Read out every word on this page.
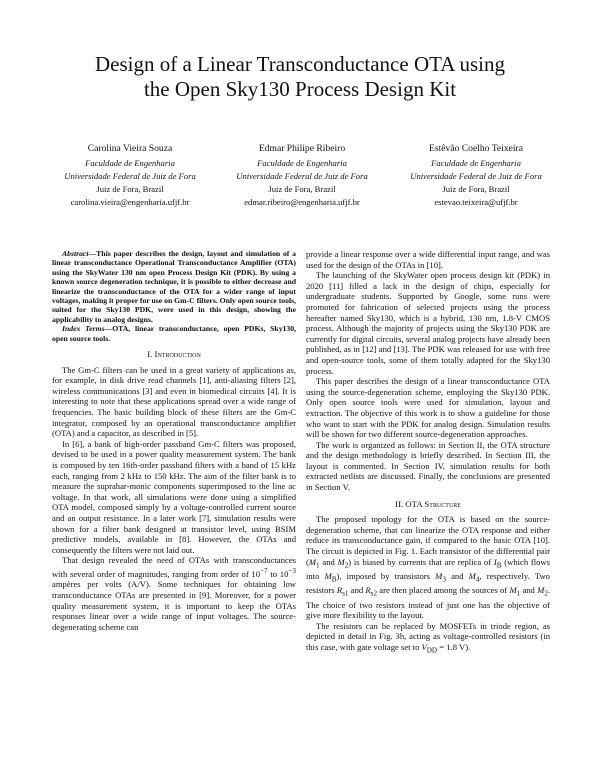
Design of a Linear Transconductance OTA using
the Open Sky130 Process Design Kit
Carolina Vieira Souza
Faculdade de Engenharia
Universidade Federal de Juiz de Fora
Juiz de Fora, Brazil
carolina.vieira@engenharia.ufjf.br
Edmar Philipe Ribeiro
Faculdade de Engenharia
Universidade Federal de Juiz de Fora
Juiz de Fora, Brazil
edmar.ribeiro@engenharia.ufjf.br
Estêvão Coelho Teixeira
Faculdade de Engenharia
Universidade Federal de Juiz de Fora
Juiz de Fora, Brazil
estevao.teixeira@ufjf.br

Abstract—This paper describes the design, layout and simulation of a linear transconductance Operational Transconductance Amplifier (OTA) using the SkyWater 130 nm open Process Design Kit (PDK). By using a known source degeneration technique, it is possible to either decrease and linearize the transconductance of the OTA for a wider range of input voltages, making it proper for use on Gm-C filters. Only open source tools, suited for the Sky130 PDK, were used in this design, showing the applicability to analog designs.

Index Terms—OTA, linear transconductance, open PDKs, Sky130, open source tools.

I. Introduction

The Gm-C filters can be used in a great variety of applications as, for example, in disk drive read channels [1], anti-aliasing filters [2], wireless communications [3] and even in biomedical circuits [4]. It is interesting to note that these applications spread over a wide range of frequencies. The basic building block of these filters are the Gm-C integrator, composed by an operational transconductance amplifier (OTA) and a capacitor, as described in [5].

In [6], a bank of high-order passband Gm-C filters was proposed, devised to be used in a power quality measurement system. The bank is composed by ten 16th-order passband filters with a band of 15 kHz each, ranging from 2 kHz to 150 kHz. The aim of the filter bank is to measure the suprahar-monic components superimposed to the line ac voltage. In that work, all simulations were done using a simplified OTA model, composed simply by a voltage-controlled current source and an output resistance. In a later work [7], simulation results were shown for a filter bank designed at transistor level, using BSIM predictive models, available in [8]. However, the OTAs and consequently the filters were not laid out.

That design revealed the need of OTAs with transconductances with several order of magnitudes, ranging from order of $10^{-7}$ to $10^{-3}$ ampères per volts (A/V). Some techniques for obtaining low transconductance OTAs are presented in [9]. Moreover, for a power quality measurement system, it is important to keep the OTAs responses linear over a wide range of input voltages. The source-degenerating scheme can

provide a linear response over a wide differential input range, and was used for the design of the OTAs in [10].

The launching of the SkyWater open process design kit (PDK) in 2020 [11] filled a lack in the design of chips, especially for undergraduate students. Supported by Google, some runs were promoted for fabrication of selected projects using the process hereafter named Sky130, which is a hybrid, 130 nm, 1.8-V CMOS process. Although the majority of projects using the Sky130 PDK are currently for digital circuits, several analog projects have already been published, as in [12] and [13]. The PDK was released for use with free and open-source tools, some of them totally adapted for the Sky130 process.

This paper describes the design of a linear transconductance OTA using the source-degeneration scheme, employing the Sky130 PDK. Only open source tools were used for simulation, layout and extraction. The objective of this work is to show a guideline for those who want to start with the PDK for analog design. Simulation results will be shown for two different source-degeneration approaches.

The work is organized as follows: in Section II, the OTA structure and the design methodology is briefly described. In Section III, the layout is commented. In Section IV, simulation results for both extracted netlists are discussed. Finally, the conclusions are presented in Section V.

II. OTA Structure

The proposed topology for the OTA is based on the source-degeneration scheme, that can linearize the OTA response and either reduce its transconductance gain, if compared to the basic OTA [10]. The circuit is depicted in Fig. 1. Each transistor of the differential pair ($M_1$ and $M_2$) is biased by currents that are replica of $I_B$ (which flows into $M_B$), imposed by transistors $M_3$ and $M_4$, respectively. Two resistors $R_{s1}$ and $R_{s2}$ are then placed among the sources of $M_1$ and $M_2$. The choice of two resistors instead of just one has the objective of give more flexibility to the layout.

The resistors can be replaced by MOSFETs in triode region, as depicted in detail in Fig. 3h, acting as voltage-controlled resistors (in this case, with gate voltage set to $V_{DD} = 1.8$ V).
